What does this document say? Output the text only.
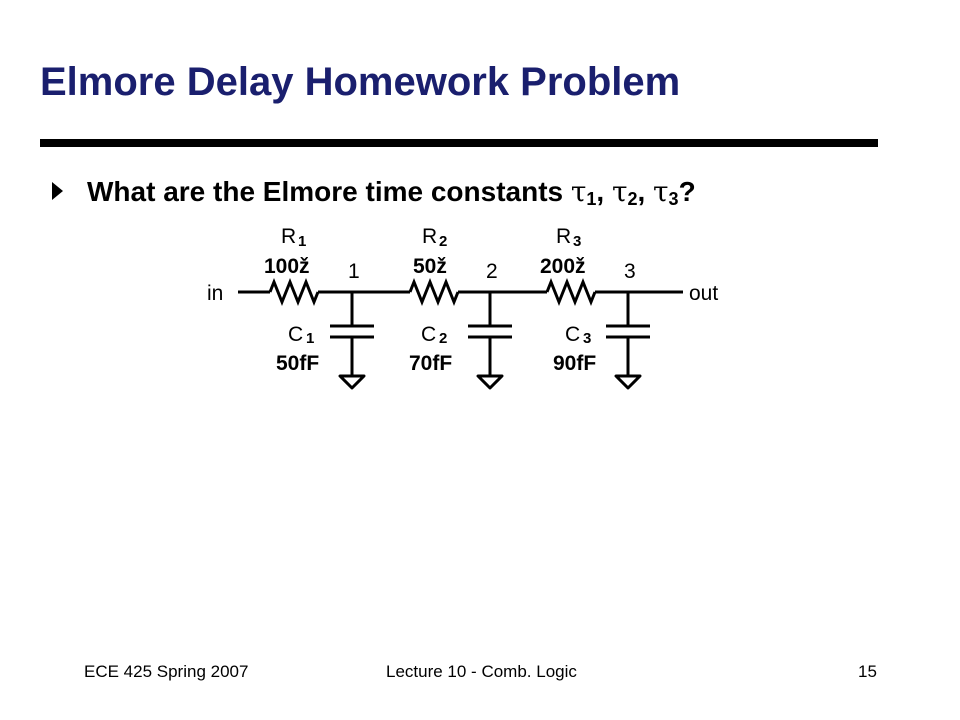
Elmore Delay Homework Problem
What are the Elmore time constants $\tau_1$, $\tau_2$, $\tau_3$?
in	out
R 1	R 2	R 3
100ž	50ž	200ž
1	2	3
C 1	C 2	C 3
50fF	70fF	90fF
ECE 425 Spring 2007	Lecture 10 - Comb. Logic	15
